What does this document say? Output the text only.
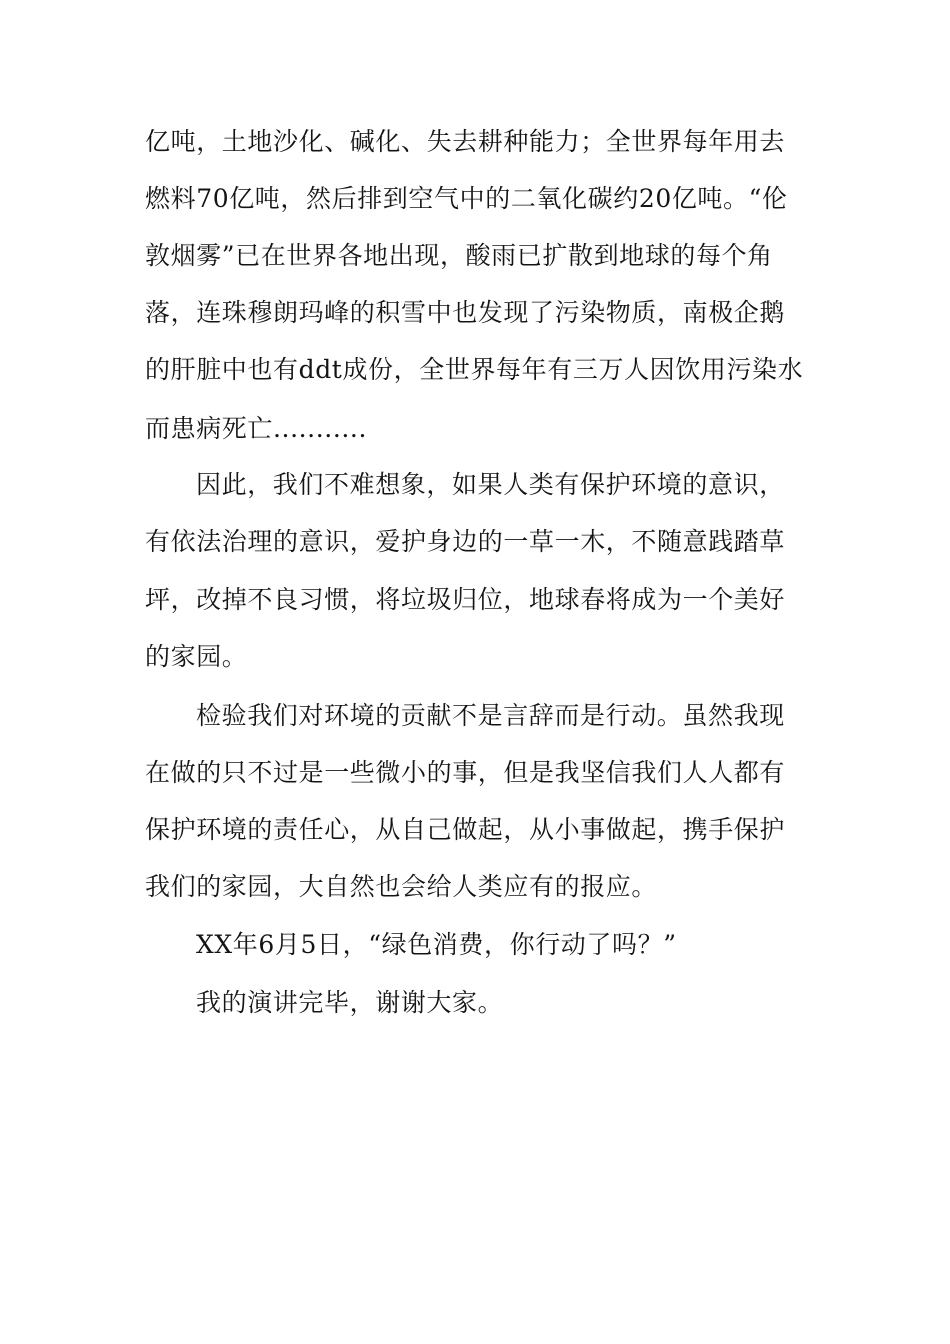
亿吨，土地沙化、碱化、失去耕种能力；全世界每年用去
燃料70亿吨，然后排到空气中的二氧化碳约20亿吨。“伦
敦烟雾”已在世界各地出现，酸雨已扩散到地球的每个角
落，连珠穆朗玛峰的积雪中也发现了污染物质，南极企鹅
的肝脏中也有ddt成份，全世界每年有三万人因饮用污染水
而患病死亡...........
因此，我们不难想象，如果人类有保护环境的意识，
有依法治理的意识，爱护身边的一草一木，不随意践踏草
坪，改掉不良习惯，将垃圾归位，地球春将成为一个美好
的家园。
检验我们对环境的贡献不是言辞而是行动。虽然我现
在做的只不过是一些微小的事，但是我坚信我们人人都有
保护环境的责任心，从自己做起，从小事做起，携手保护
我们的家园，大自然也会给人类应有的报应。
XX年6月5日，“绿色消费，你行动了吗？”
我的演讲完毕，谢谢大家。
